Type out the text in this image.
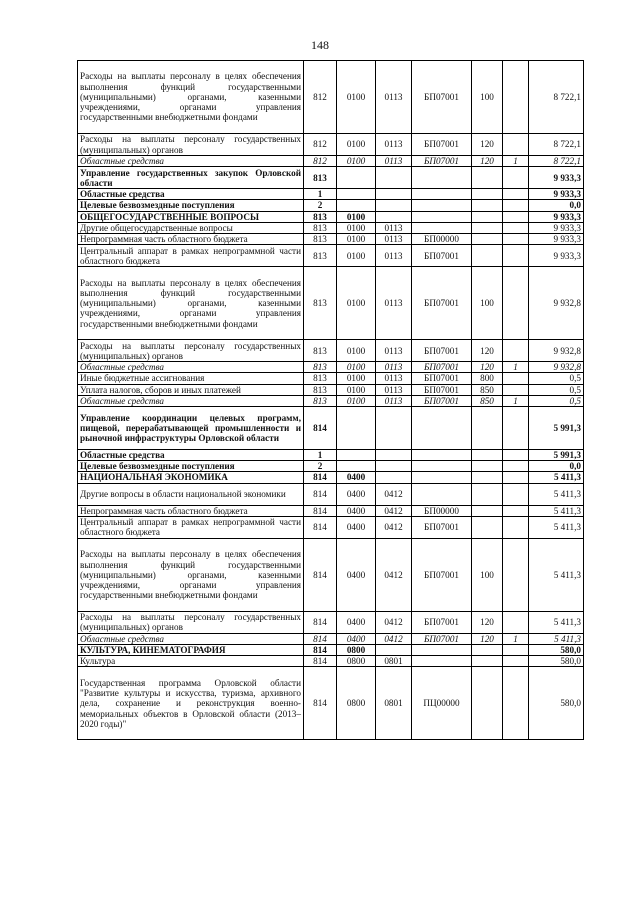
148
Расходы на выплаты персоналу в целях обеспечения выполнения функций государственными (муниципальными) органами, казенными учреждениями, органами управления государственными внебюджетными фондами	812	0100	0113	БП07001	100		8 722,1
Расходы на выплаты персоналу государственных (муниципальных) органов	812	0100	0113	БП07001	120		8 722,1
Областные средства	812	0100	0113	БП07001	120	1	8 722,1
Управление государственных закупок Орловской области	813						9 933,3
Областные средства	1						9 933,3
Целевые безвозмездные поступления	2						0,0
ОБЩЕГОСУДАРСТВЕННЫЕ ВОПРОСЫ	813	0100					9 933,3
Другие общегосударственные вопросы	813	0100	0113				9 933,3
Непрограммная часть областного бюджета	813	0100	0113	БП00000			9 933,3
Центральный аппарат в рамках непрограммной части областного бюджета	813	0100	0113	БП07001			9 933,3
Расходы на выплаты персоналу в целях обеспечения выполнения функций государственными (муниципальными) органами, казенными учреждениями, органами управления государственными внебюджетными фондами	813	0100	0113	БП07001	100		9 932,8
Расходы на выплаты персоналу государственных (муниципальных) органов	813	0100	0113	БП07001	120		9 932,8
Областные средства	813	0100	0113	БП07001	120	1	9 932,8
Иные бюджетные ассигнования	813	0100	0113	БП07001	800		0,5
Уплата налогов, сборов и иных платежей	813	0100	0113	БП07001	850		0,5
Областные средства	813	0100	0113	БП07001	850	1	0,5
Управление координации целевых программ, пищевой, перерабатывающей промышленности и рыночной инфраструктуры Орловской области	814						5 991,3
Областные средства	1						5 991,3
Целевые безвозмездные поступления	2						0,0
НАЦИОНАЛЬНАЯ ЭКОНОМИКА	814	0400					5 411,3
Другие вопросы в области национальной экономики	814	0400	0412				5 411,3
Непрограммная часть областного бюджета	814	0400	0412	БП00000			5 411,3
Центральный аппарат в рамках непрограммной части областного бюджета	814	0400	0412	БП07001			5 411,3
Расходы на выплаты персоналу в целях обеспечения выполнения функций государственными (муниципальными) органами, казенными учреждениями, органами управления государственными внебюджетными фондами	814	0400	0412	БП07001	100		5 411,3
Расходы на выплаты персоналу государственных (муниципальных) органов	814	0400	0412	БП07001	120		5 411,3
Областные средства	814	0400	0412	БП07001	120	1	5 411,3
КУЛЬТУРА, КИНЕМАТОГРАФИЯ	814	0800					580,0
Культура	814	0800	0801				580,0
Государственная программа Орловской области "Развитие культуры и искусства, туризма, архивного дела, сохранение и реконструкция военно-мемориальных объектов в Орловской области (2013–2020 годы)"	814	0800	0801	ПЦ00000			580,0
